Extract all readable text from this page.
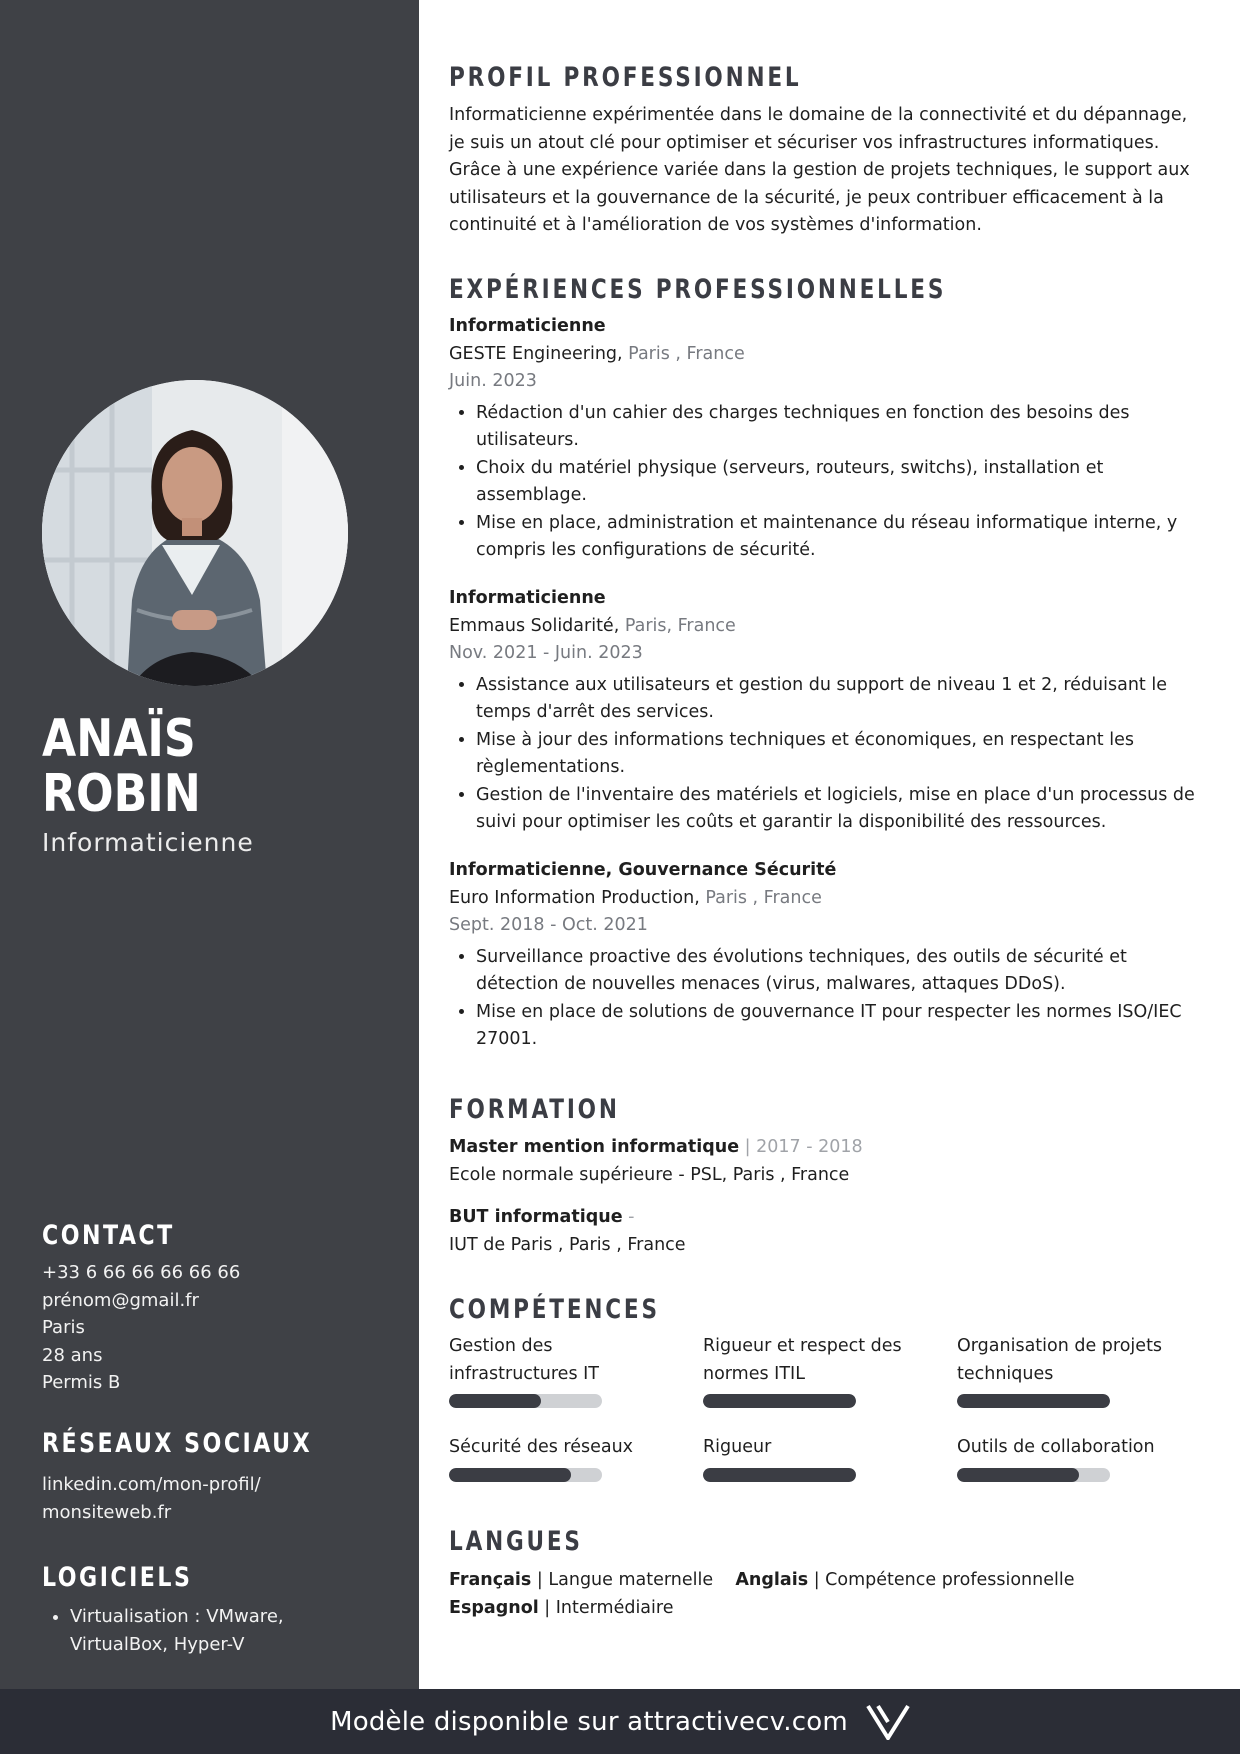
ANAÏS
ROBIN
Informaticienne
CONTACT
+33 6 66 66 66 66 66
prénom@gmail.fr
Paris
28 ans
Permis B
RÉSEAUX SOCIAUX
linkedin.com/mon-profil/
monsiteweb.fr
LOGICIELS
• Virtualisation : VMware,
VirtualBox, Hyper-V
PROFIL PROFESSIONNEL
Informaticienne expérimentée dans le domaine de la connectivité et du dépannage, je suis un atout clé pour optimiser et sécuriser vos infrastructures informatiques. Grâce à une expérience variée dans la gestion de projets techniques, le support aux utilisateurs et la gouvernance de la sécurité, je peux contribuer efficacement à la continuité et à l'amélioration de vos systèmes d'information.
EXPÉRIENCES PROFESSIONNELLES
Informaticienne
GESTE Engineering, Paris , France
Juin. 2023
• Rédaction d'un cahier des charges techniques en fonction des besoins des utilisateurs.
• Choix du matériel physique (serveurs, routeurs, switchs), installation et assemblage.
• Mise en place, administration et maintenance du réseau informatique interne, y compris les configurations de sécurité.
Informaticienne
Emmaus Solidarité, Paris, France
Nov. 2021 - Juin. 2023
• Assistance aux utilisateurs et gestion du support de niveau 1 et 2, réduisant le temps d'arrêt des services.
• Mise à jour des informations techniques et économiques, en respectant les règlementations.
• Gestion de l'inventaire des matériels et logiciels, mise en place d'un processus de suivi pour optimiser les coûts et garantir la disponibilité des ressources.
Informaticienne, Gouvernance Sécurité
Euro Information Production, Paris , France
Sept. 2018 - Oct. 2021
• Surveillance proactive des évolutions techniques, des outils de sécurité et détection de nouvelles menaces (virus, malwares, attaques DDoS).
• Mise en place de solutions de gouvernance IT pour respecter les normes ISO/IEC 27001.
FORMATION
Master mention informatique | 2017 - 2018
Ecole normale supérieure - PSL, Paris , France
BUT informatique -
IUT de Paris , Paris , France
COMPÉTENCES
Gestion des
infrastructures IT
Rigueur et respect des
normes ITIL
Organisation de projets
techniques
Sécurité des réseaux	Rigueur	Outils de collaboration
LANGUES
Français | Langue maternelle Anglais | Compétence professionnelle
Espagnol | Intermédiaire
Modèle disponible sur attractivecv.com
